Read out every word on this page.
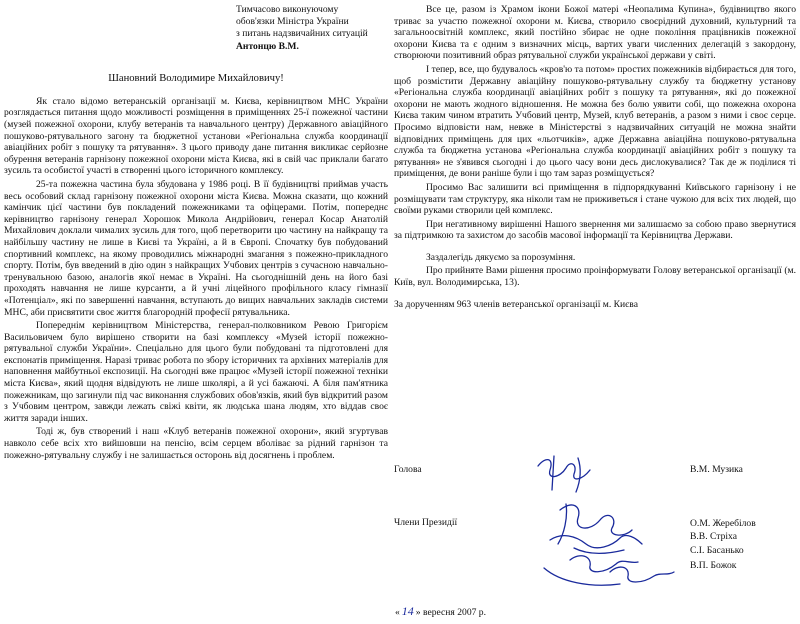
Тимчасово виконуючому
обов'язки Міністра України
з питань надзвичайних ситуацій
Антонцю В.М.
Шановний Володимире Михайловичу!

Як стало відомо ветеранській організації м. Києва, керівництвом МНС України розглядається питання щодо можливості розміщення в приміщеннях 25-ї пожежної частини (музей пожежної охорони, клубу ветеранів та навчального центру) Державного авіаційного пошуково-рятувального загону та бюджетної установи «Регіональна служба координації авіаційних робіт з пошуку та рятування». З цього приводу дане питання викликає серйозне обурення ветеранів гарнізону пожежної охорони міста Києва, які в свій час приклали багато зусиль та особистої участі в створенні цього історичного комплексу.

25-та пожежна частина була збудована у 1986 році. В її будівництві приймав участь весь особовий склад гарнізону пожежної охорони міста Києва. Можна сказати, що кожний камінчик цієї частини був покладений пожежниками та офіцерами. Потім, попереднє керівництво гарнізону генерал Хорошок Микола Андрійович, генерал Косар Анатолій Михайлович доклали чималих зусиль для того, щоб перетворити цю частину на найкращу та найбільшу частину не лише в Києві та Україні, а й в Європі. Спочатку був побудований спортивний комплекс, на якому проводились міжнародні змагання з пожежно-прикладного спорту. Потім, був введений в дію один з найкращих Учбових центрів з сучасною навчально-тренувальною базою, аналогів якої немає в Україні. На сьогоднішній день на його базі проходять навчання не лише курсанти, а й учні ліцейного профільного класу гімназії «Потенціал», які по завершенні навчання, вступають до вищих навчальних закладів системи МНС, аби присвятити своє життя благородній професії рятувальника.

Попереднім керівництвом Міністерства, генерал-полковником Ревою Григорієм Васильовичем було вирішено створити на базі комплексу «Музей історії пожежно-рятувальної служби України». Спеціально для цього були побудовані та підготовлені для експонатів приміщення. Наразі триває робота по збору історичних та архівних матеріалів для наповнення майбутньої експозиції. На сьогодні вже працює «Музей історії пожежної техніки міста Києва», який щодня відвідують не лише школярі, а й усі бажаючі. А біля пам'ятника пожежникам, що загинули під час виконання службових обов'язків, який був відкритий разом з Учбовим центром, завжди лежать свіжі квіти, як людська шана людям, хто віддав своє життя заради інших.

Тоді ж, був створений і наш «Клуб ветеранів пожежної охорони», який згуртував навколо себе всіх хто вийшовши на пенсію, всім серцем вболіває за рідний гарнізон та пожежно-рятувальну службу і не залишається осторонь від досягнень і проблем.

Все це, разом із Храмом ікони Божої матері «Неопалима Купина», будівництво якого триває за участю пожежної охорони м. Києва, створило своєрідний духовний, культурний та загальноосвітній комплекс, який постійно збирає не одне покоління працівників пожежної охорони Києва та є одним з визначних місць, вартих уваги численних делегацій з закордону, створюючи позитивний образ рятувальної служби української держави у світі.

І тепер, все, що будувалось «кров'ю та потом» простих пожежників відбирається для того, щоб розмістити Державну авіаційну пошуково-рятувальну службу та бюджетну установу «Регіональна служба координації авіаційних робіт з пошуку та рятування», які до пожежної охорони не мають жодного відношення. Не можна без болю уявити собі, що пожежна охорона Києва таким чином втратить Учбовий центр, Музей, клуб ветеранів, а разом з ними і своє серце. Просимо відповісти нам, невже в Міністерстві з надзвичайних ситуацій не можна знайти відповідних приміщень для цих «льотчиків», адже Державна авіаційна пошуково-рятувальна служба та бюджетна установа «Регіональна служба координації авіаційних робіт з пошуку та рятування» не з'явився сьогодні і до цього часу вони десь дислокувалися? Так де ж поділися ті приміщення, де вони раніше були і що там зараз розміщується?

Просимо Вас залишити всі приміщення в підпорядкуванні Київського гарнізону і не розміщувати там структуру, яка ніколи там не приживеться і стане чужою для всіх тих людей, що своїми руками створили цей комплекс.

При негативному вирішенні Нашого звернення ми залишаємо за собою право звернутися за підтримкою та захистом до засобів масової інформації та Керівництва Держави.

Заздалегідь дякуємо за порозуміння.

Про прийняте Вами рішення просимо проінформувати Голову ветеранської організації (м. Київ, вул. Володимирська, 13).

За дорученням 963 членів ветеранської організації м. Києва
Голова	В.М. Музика
Члени Президії	О.М. Жеребілов
В.В. Стріха
С.І. Басанько
В.П. Божок
« 14 » вересня 2007 р.
